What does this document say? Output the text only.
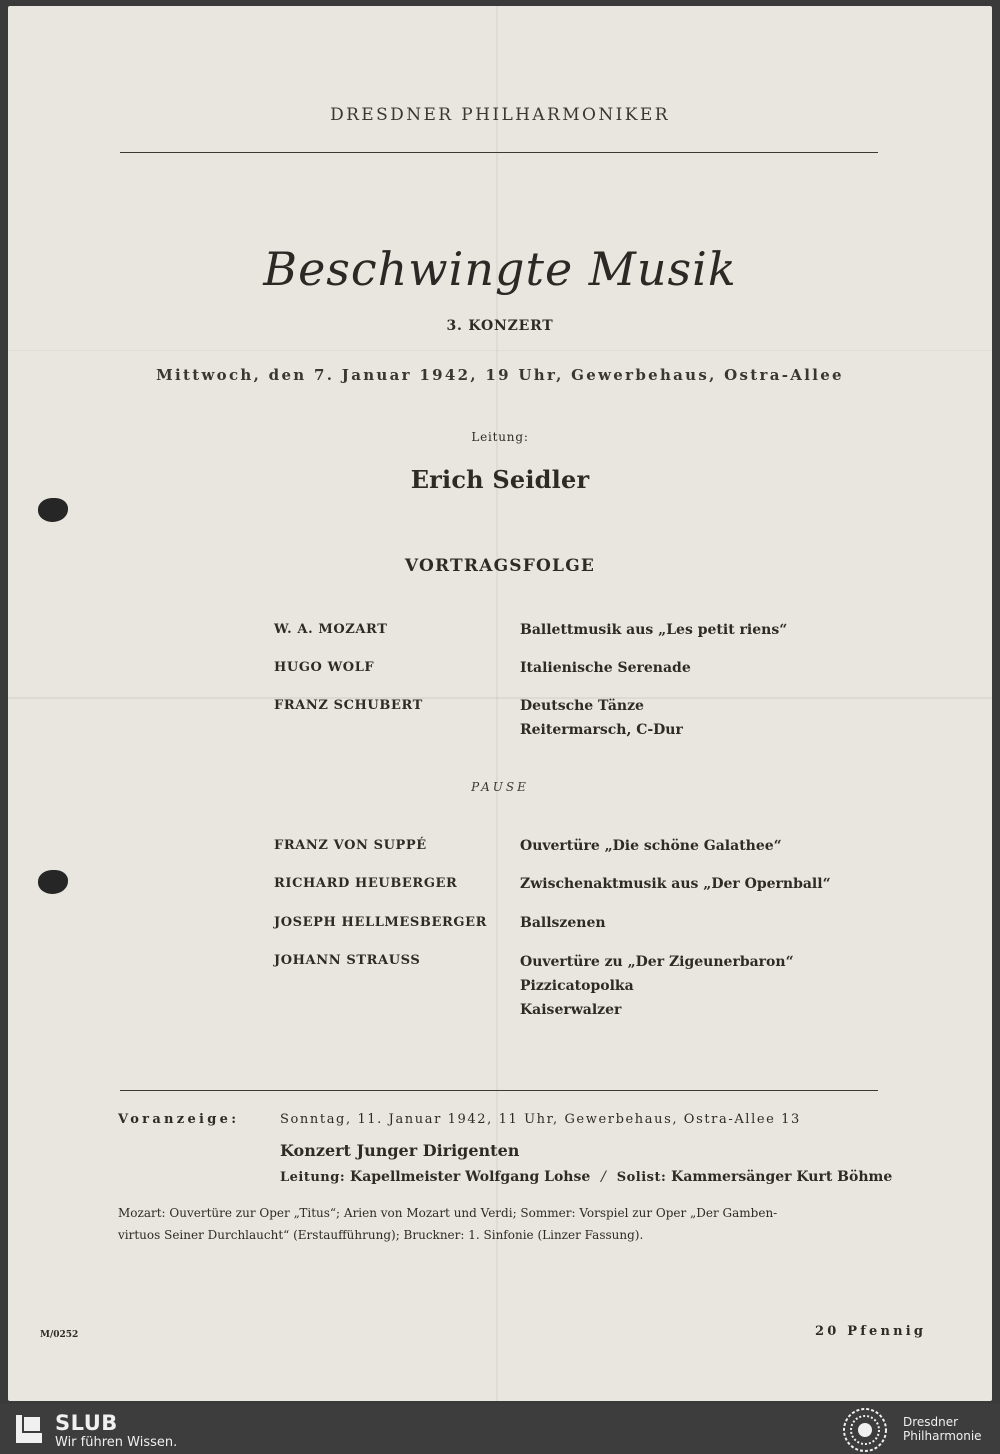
DRESDNER PHILHARMONIKER
Beschwingte Musik
3. KONZERT
Mittwoch, den 7. Januar 1942, 19 Uhr, Gewerbehaus, Ostra-Allee
Leitung:
Erich Seidler
VORTRAGSFOLGE
W. A. MOZART	Ballettmusik aus „Les petit riens“
HUGO WOLF	Italienische Serenade
FRANZ SCHUBERT	Deutsche Tänze
Reitermarsch, C-Dur
PAUSE
FRANZ VON SUPPÉ	Ouvertüre „Die schöne Galathee“
RICHARD HEUBERGER	Zwischenaktmusik aus „Der Opernball“
JOSEPH HELLMESBERGER Ballszenen
JOHANN STRAUSS	Ouvertüre zu „Der Zigeunerbaron“
Pizzicatopolka
Kaiserwalzer
Voranzeige:	Sonntag, 11. Januar 1942, 11 Uhr, Gewerbehaus, Ostra-Allee 13
Konzert Junger Dirigenten
Leitung: Kapellmeister Wolfgang Lohse / Solist: Kammersänger Kurt Böhme
Mozart: Ouvertüre zur Oper „Titus“; Arien von Mozart und Verdi; Sommer: Vorspiel zur Oper „Der Gamben-
virtuos Seiner Durchlaucht“ (Erstaufführung); Bruckner: 1. Sinfonie (Linzer Fassung).
M/0252	20 Pfennig
SLUB
Wir führen Wissen.
Dresdner
Philharmonie
